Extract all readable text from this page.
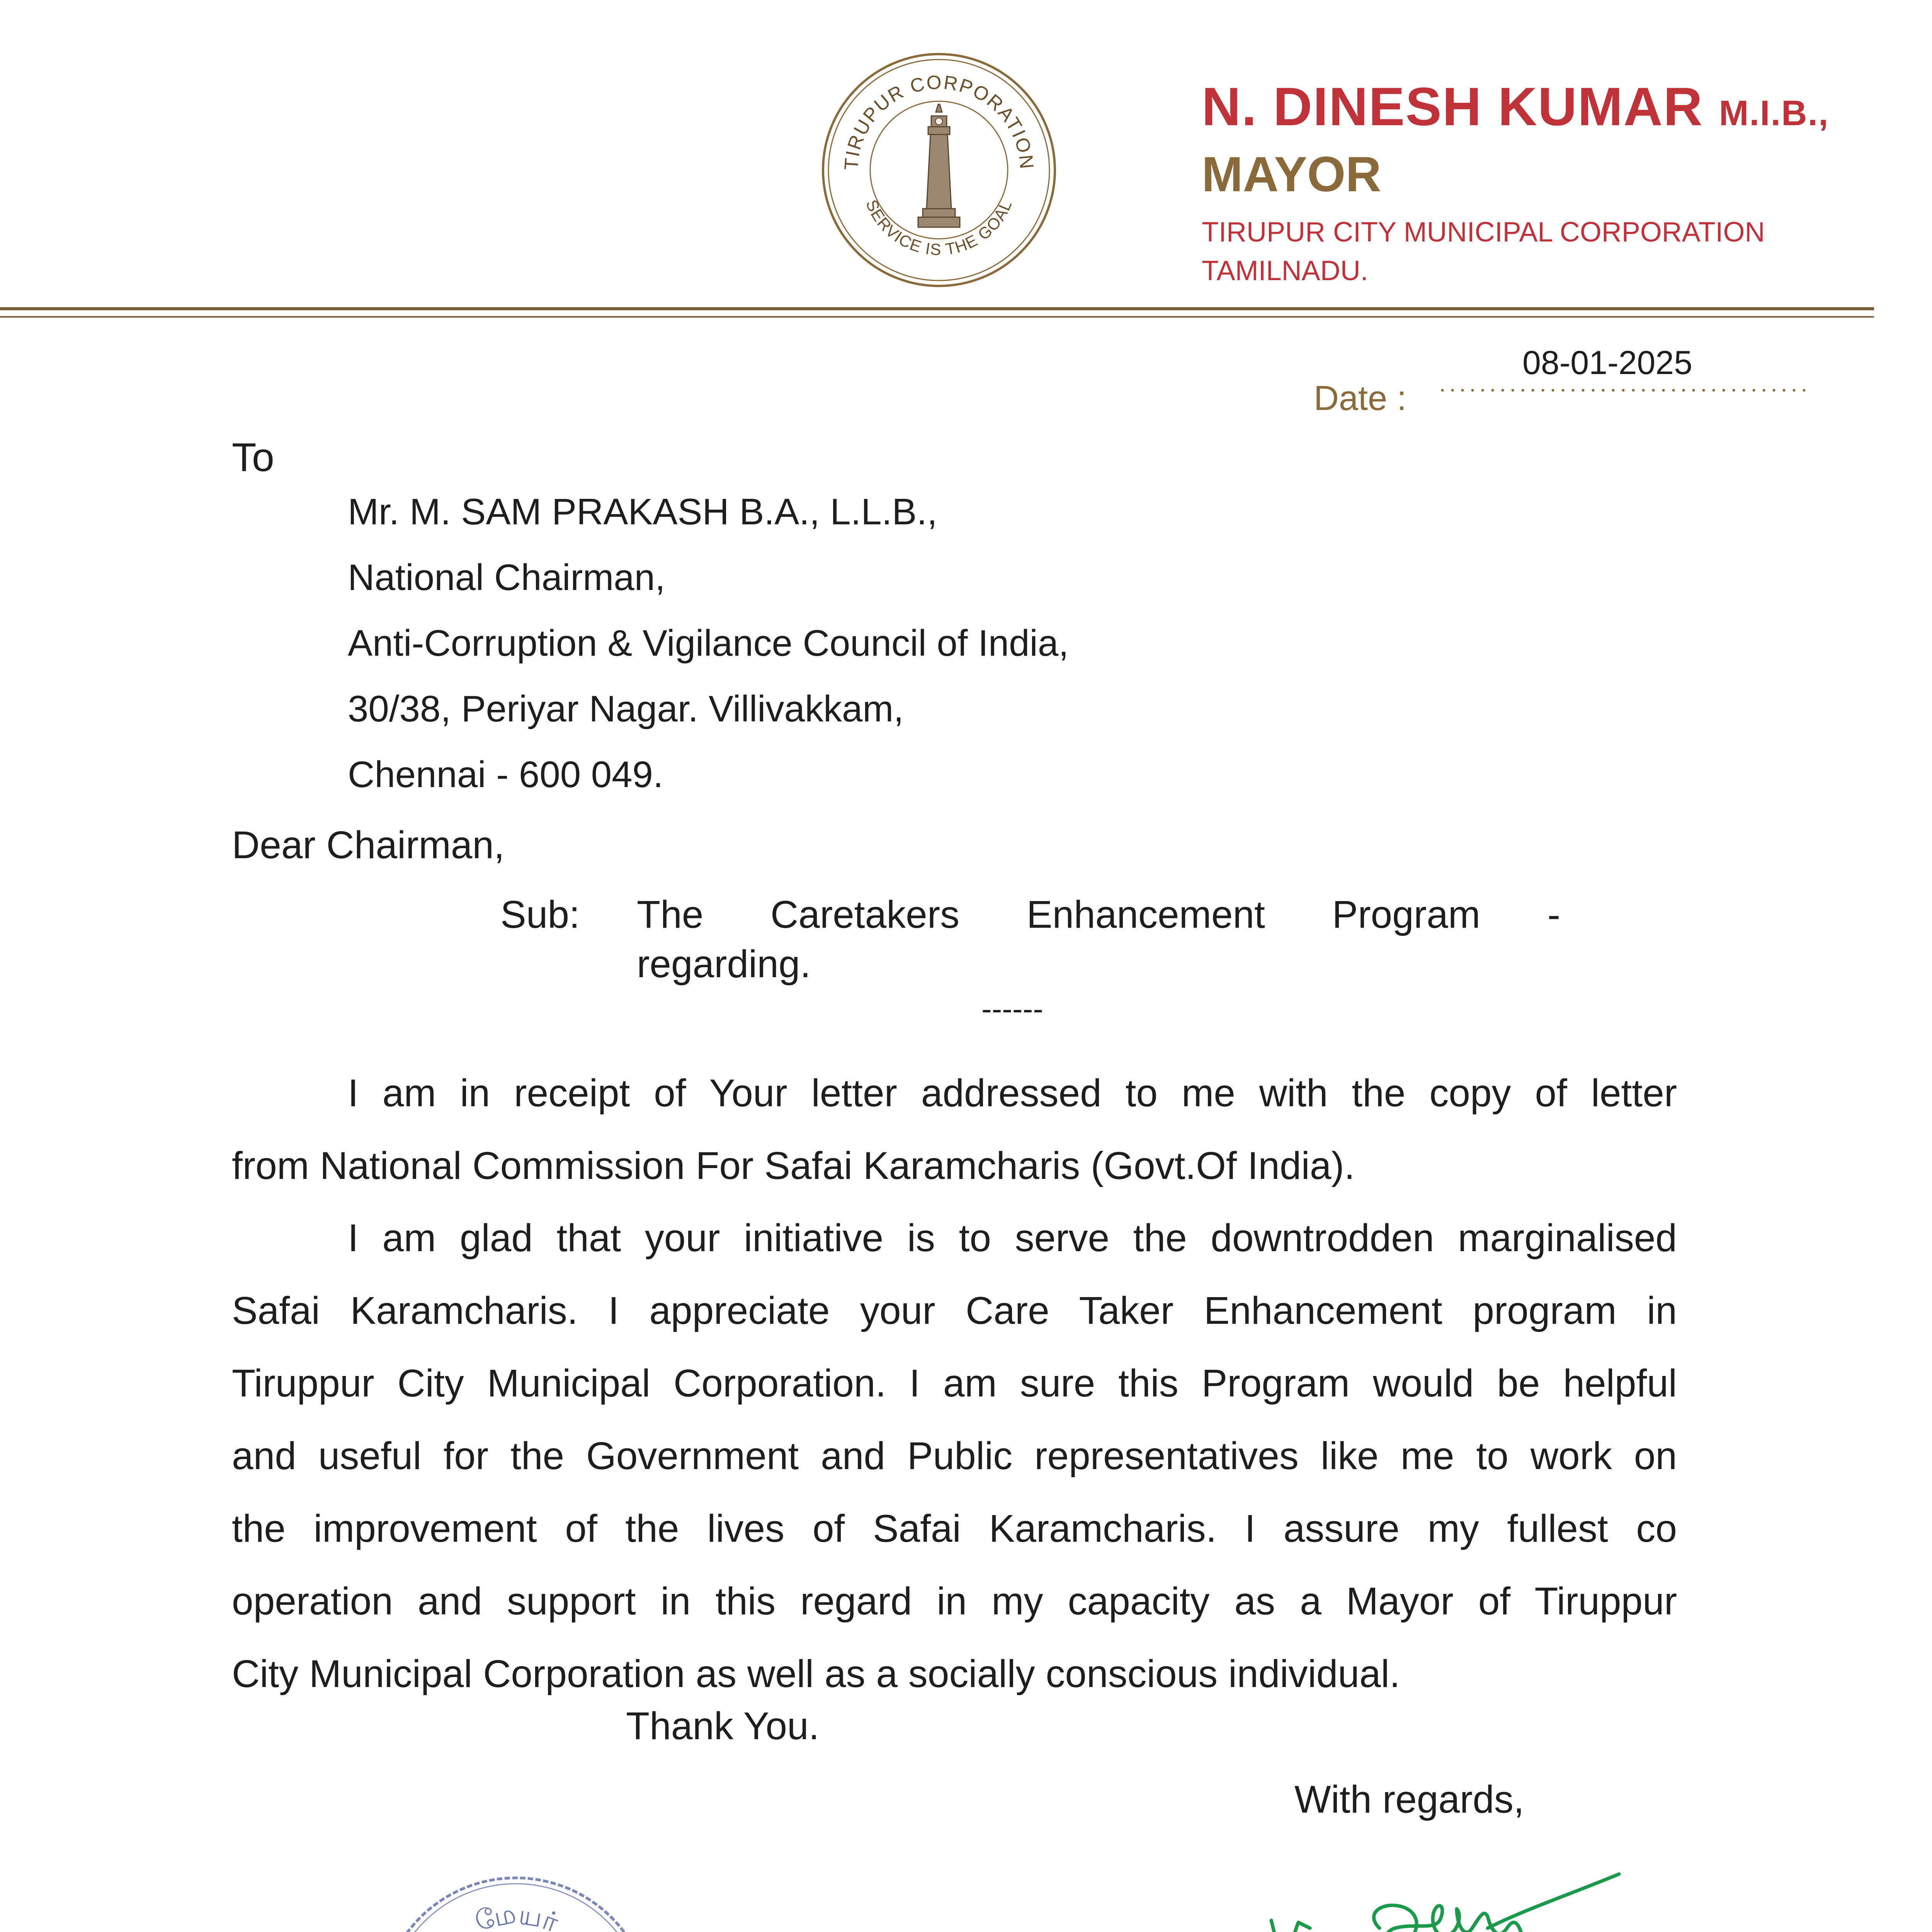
TIRUPUR CORPORATION
SERVICE IS THE GOAL
N. DINESH KUMAR M.I.B.,
MAYOR
TIRUPUR CITY MUNICIPAL CORPORATION
TAMILNADU.
08-01-2025
Date :
To
Mr. M. SAM PRAKASH B.A., L.L.B.,
National Chairman,
Anti-Corruption & Vigilance Council of India,
30/38, Periyar Nagar. Villivakkam,
Chennai - 600 049.
Dear Chairman,
Sub: The Caretakers Enhancement Program -
regarding.
------
I am in receipt of Your letter addressed to me with the copy of letter
from National Commission For Safai Karamcharis (Govt.Of India).
I am glad that your initiative is to serve the downtrodden marginalised
Safai Karamcharis. I appreciate your Care Taker Enhancement program in
Tiruppur City Municipal Corporation. I am sure this Program would be helpful
and useful for the Government and Public representatives like me to work on
the improvement of the lives of Safai Karamcharis. I assure my fullest co
operation and support in this regard in my capacity as a Mayor of Tiruppur
City Municipal Corporation as well as a socially conscious individual.
Thank You.
With regards,
மேயர்
